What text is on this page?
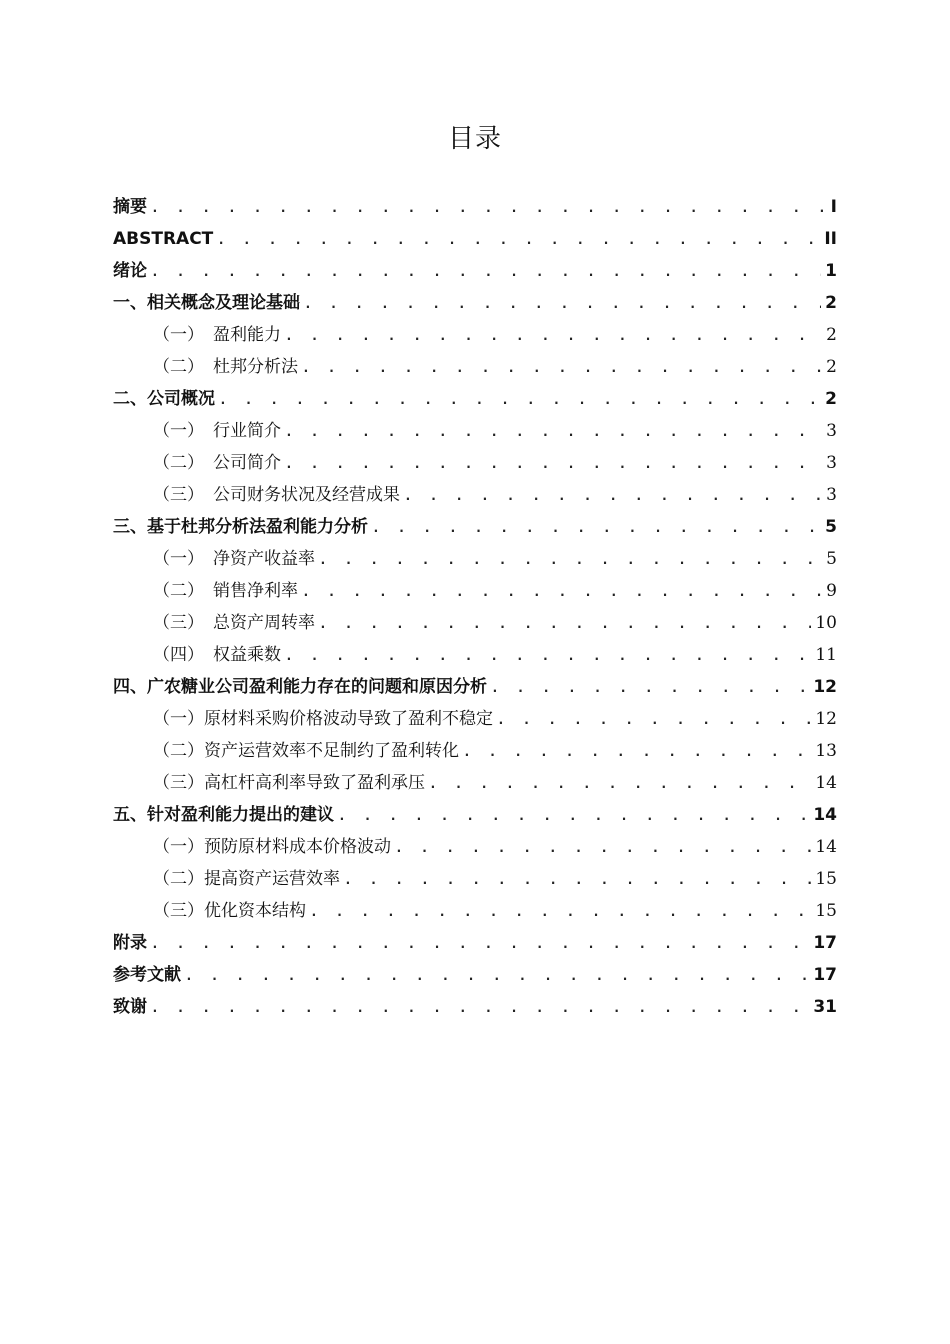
目录
摘要 . . .	I
ABSTRACT . . .	II
绪论 . . .	1
一、相关概念及理论基础 . . .	2
（一） 盈利能力 . . .	2
（二） 杜邦分析法 . . .	2
二、公司概况 . . .	2
（一） 行业简介 . . .	3
（二） 公司简介 . . .	3
（三） 公司财务状况及经营成果 . . .	3
三、基于杜邦分析法盈利能力分析 . . .	5
（一） 净资产收益率 . . .	5
（二） 销售净利率 . . .	9
（三） 总资产周转率 . . .	10
（四） 权益乘数 . . .	11
四、广农糖业公司盈利能力存在的问题和原因分析 . . .	12
（一）原材料采购价格波动导致了盈利不稳定 . . .	12
（二）资产运营效率不足制约了盈利转化 . . .	13
（三）高杠杆高利率导致了盈利承压 . . .	14
五、针对盈利能力提出的建议 . . .	14
（一）预防原材料成本价格波动 . . .	14
（二）提高资产运营效率 . . .	15
（三）优化资本结构 . . .	15
附录 . . .	17
参考文献 . . .	17
致谢 . . .	31
